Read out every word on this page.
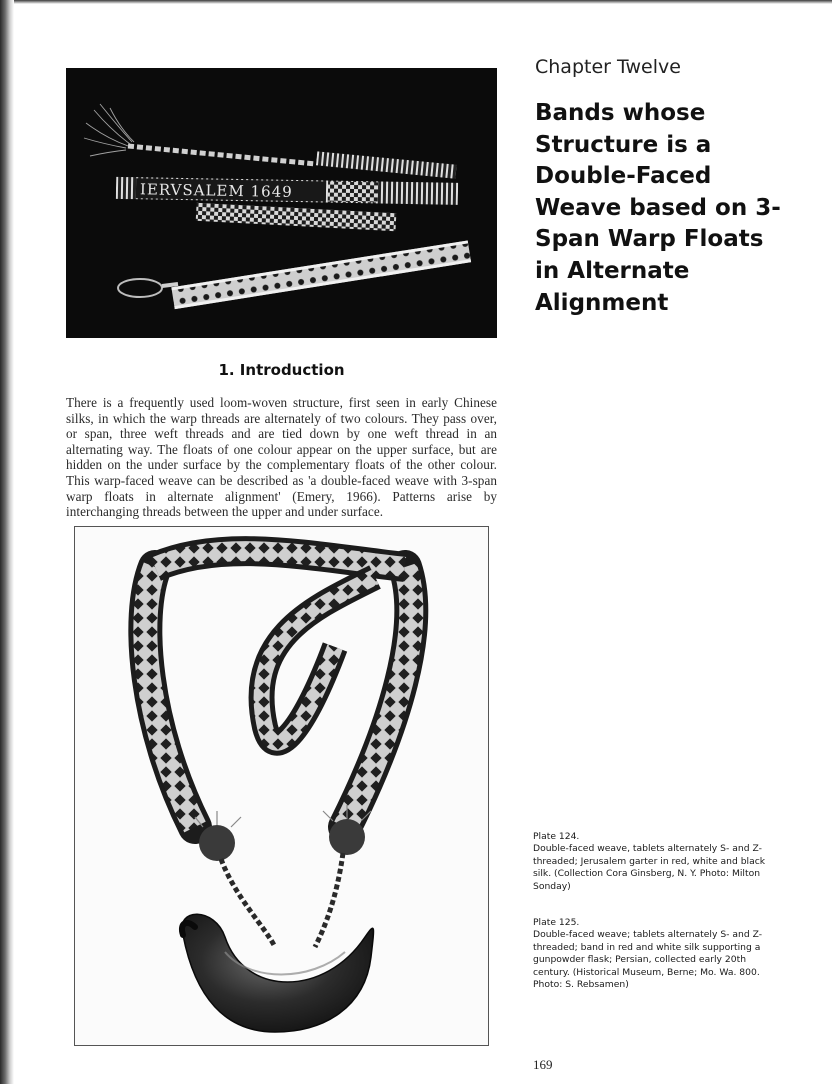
IERVSALEM 1649
Chapter Twelve
Bands whose Structure is a Double-Faced Weave based on 3-Span Warp Floats in Alternate Alignment
1. Introduction

There is a frequently used loom-woven structure, first seen in early Chinese silks, in which the warp threads are alternately of two colours. They pass over, or span, three weft threads and are tied down by one weft thread in an alternating way. The floats of one colour appear on the upper surface, but are hidden on the under surface by the complementary floats of the other colour. This warp-faced weave can be described as 'a double-faced weave with 3-span warp floats in alternate alignment' (Emery, 1966). Patterns arise by interchanging threads between the upper and under surface.

Plate 124.
Double-faced weave, tablets alternately S- and Z-threaded; Jerusalem garter in red, white and black silk. (Collection Cora Ginsberg, N. Y. Photo: Milton Sonday)

Plate 125.
Double-faced weave; tablets alternately S- and Z-threaded; band in red and white silk supporting a gunpowder flask; Persian, collected early 20th century. (Historical Museum, Berne; Mo. Wa. 800. Photo: S. Rebsamen)

169
